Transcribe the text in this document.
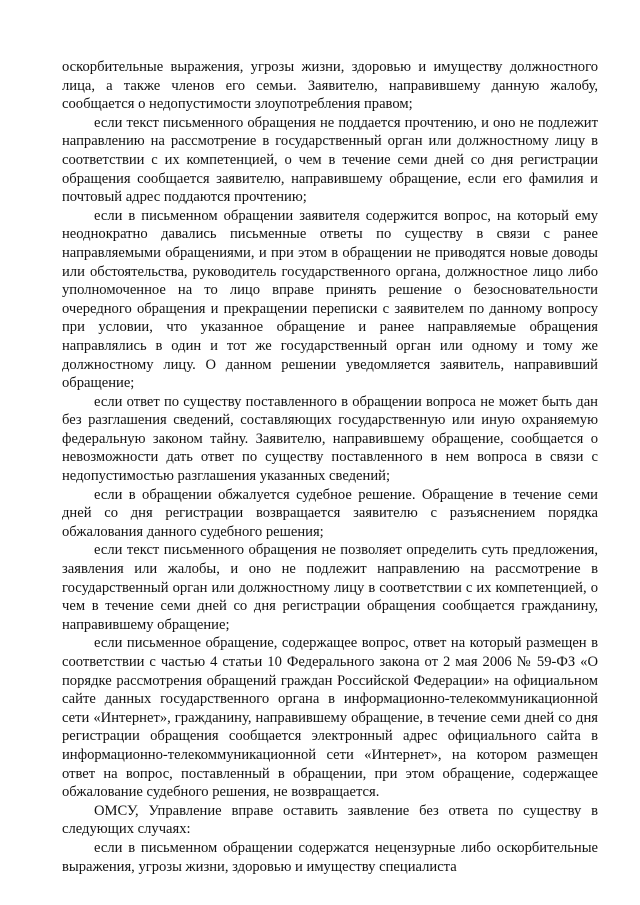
оскорбительные выражения, угрозы жизни, здоровью и имуществу должностного лица, а также членов его семьи. Заявителю, направившему данную жалобу, сообщается о недопустимости злоупотребления правом;

если текст письменного обращения не поддается прочтению, и оно не подлежит направлению на рассмотрение в государственный орган или должностному лицу в соответствии с их компетенцией, о чем в течение семи дней со дня регистрации обращения сообщается заявителю, направившему обращение, если его фамилия и почтовый адрес поддаются прочтению;

если в письменном обращении заявителя содержится вопрос, на который ему неоднократно давались письменные ответы по существу в связи с ранее направляемыми обращениями, и при этом в обращении не приводятся новые доводы или обстоятельства, руководитель государственного органа, должностное лицо либо уполномоченное на то лицо вправе принять решение о безосновательности очередного обращения и прекращении переписки с заявителем по данному вопросу при условии, что указанное обращение и ранее направляемые обращения направлялись в один и тот же государственный орган или одному и тому же должностному лицу. О данном решении уведомляется заявитель, направивший обращение;

если ответ по существу поставленного в обращении вопроса не может быть дан без разглашения сведений, составляющих государственную или иную охраняемую федеральную законом тайну. Заявителю, направившему обращение, сообщается о невозможности дать ответ по существу поставленного в нем вопроса в связи с недопустимостью разглашения указанных сведений;

если в обращении обжалуется судебное решение. Обращение в течение семи дней со дня регистрации возвращается заявителю с разъяснением порядка обжалования данного судебного решения;

если текст письменного обращения не позволяет определить суть предложения, заявления или жалобы, и оно не подлежит направлению на рассмотрение в государственный орган или должностному лицу в соответствии с их компетенцией, о чем в течение семи дней со дня регистрации обращения сообщается гражданину, направившему обращение;

если письменное обращение, содержащее вопрос, ответ на который размещен в соответствии с частью 4 статьи 10 Федерального закона от 2 мая 2006 № 59-ФЗ «О порядке рассмотрения обращений граждан Российской Федерации» на официальном сайте данных государственного органа в информационно-телекоммуникационной сети «Интернет», гражданину, направившему обращение, в течение семи дней со дня регистрации обращения сообщается электронный адрес официального сайта в информационно-телекоммуникационной сети «Интернет», на котором размещен ответ на вопрос, поставленный в обращении, при этом обращение, содержащее обжалование судебного решения, не возвращается.

ОМСУ, Управление вправе оставить заявление без ответа по существу в следующих случаях:

если в письменном обращении содержатся нецензурные либо оскорбительные выражения, угрозы жизни, здоровью и имуществу специалиста
